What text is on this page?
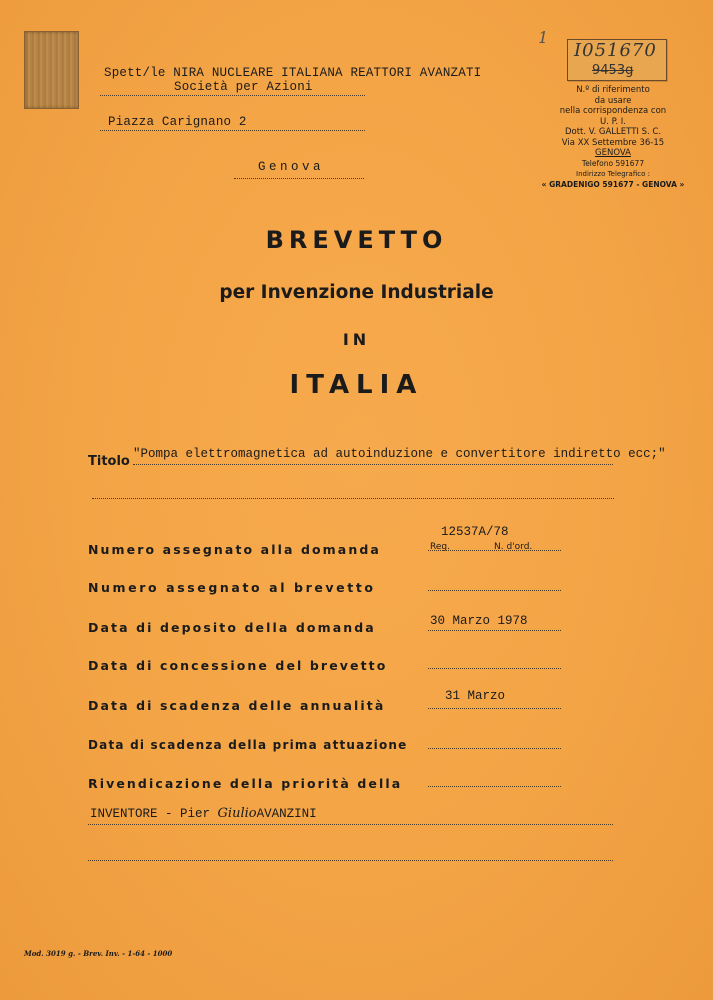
1
I051670
9453g
N.º di riferimento
da usare
nella corrispondenza con
U. P. I.
Dott. V. GALLETTI S. C.
Via XX Settembre 36-15
GENOVA
Telefono 591677
Indirizzo Telegrafico :
« GRADENIGO 591677 - GENOVA »
Spett/le NIRA NUCLEARE ITALIANA REATTORI AVANZATI
Società per Azioni
Piazza Carignano 2
Genova
BREVETTO
per Invenzione Industriale
IN
ITALIA
Titolo "Pompa elettromagnetica ad autoinduzione e convertitore indiretto ecc;"
Numero assegnato alla domanda
12537A/78
Reg.	N. d'ord.
Numero assegnato al brevetto
Data di deposito della domanda	30 Marzo 1978
Data di concessione del brevetto
Data di scadenza delle annualità
31 Marzo
Data di scadenza della prima attuazione
Rivendicazione della priorità della
INVENTORE - Pier GiulioAVANZINI
Mod. 3019 g. - Brev. Inv. - 1-64 - 1000
